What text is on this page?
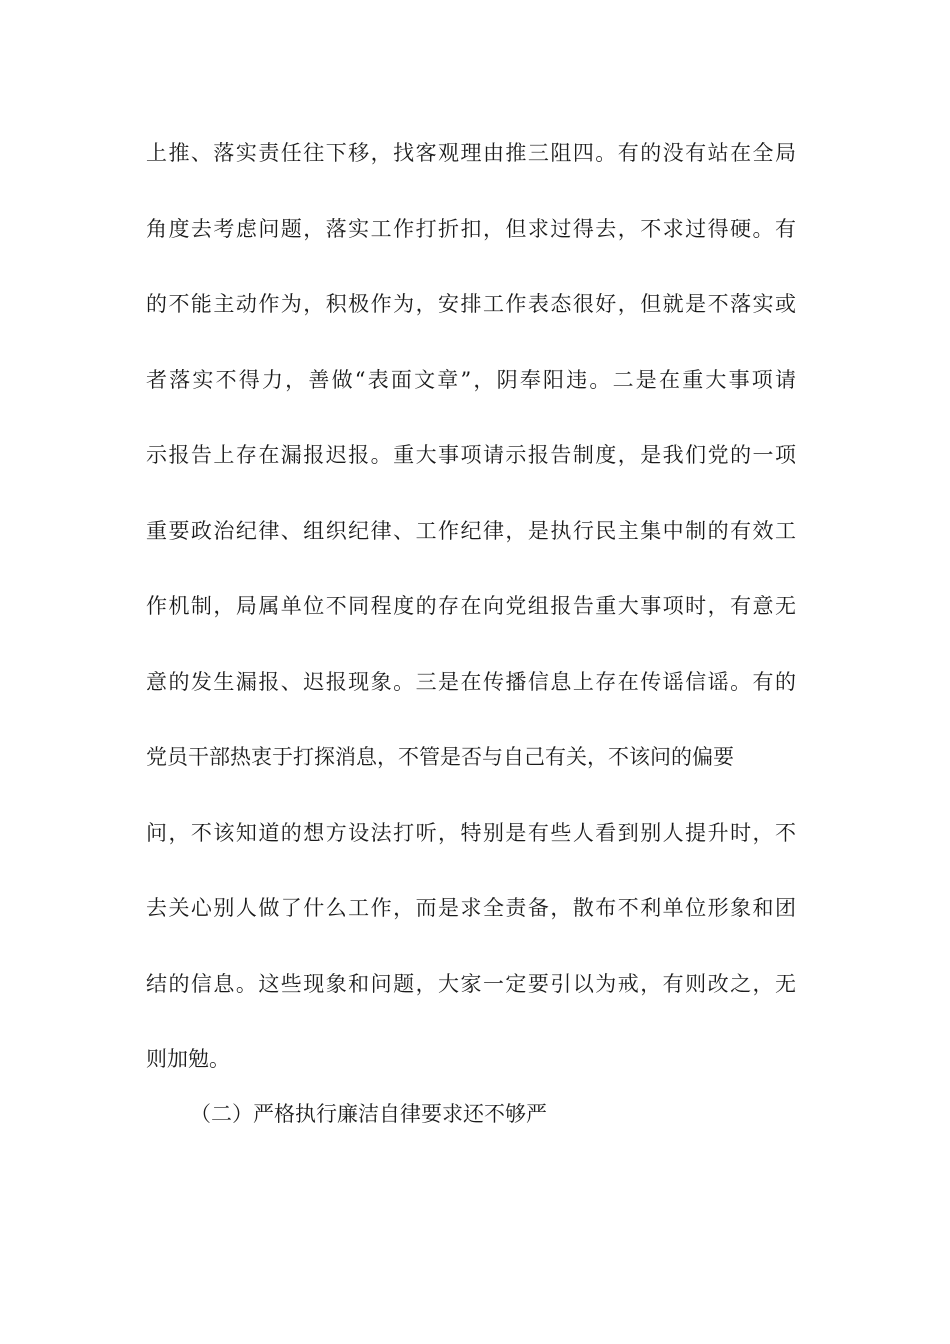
上推、落实责任往下移，找客观理由推三阻四。有的没有站在全局
角度去考虑问题，落实工作打折扣，但求过得去，不求过得硬。有
的不能主动作为，积极作为，安排工作表态很好，但就是不落实或
者落实不得力，善做“表面文章”，阴奉阳违。二是在重大事项请
示报告上存在漏报迟报。重大事项请示报告制度，是我们党的一项
重要政治纪律、组织纪律、工作纪律，是执行民主集中制的有效工
作机制，局属单位不同程度的存在向党组报告重大事项时，有意无
意的发生漏报、迟报现象。三是在传播信息上存在传谣信谣。有的
党员干部热衷于打探消息，不管是否与自己有关，不该问的偏要
问，不该知道的想方设法打听，特别是有些人看到别人提升时，不
去关心别人做了什么工作，而是求全责备，散布不利单位形象和团
结的信息。这些现象和问题，大家一定要引以为戒，有则改之，无
则加勉。
（二）严格执行廉洁自律要求还不够严
